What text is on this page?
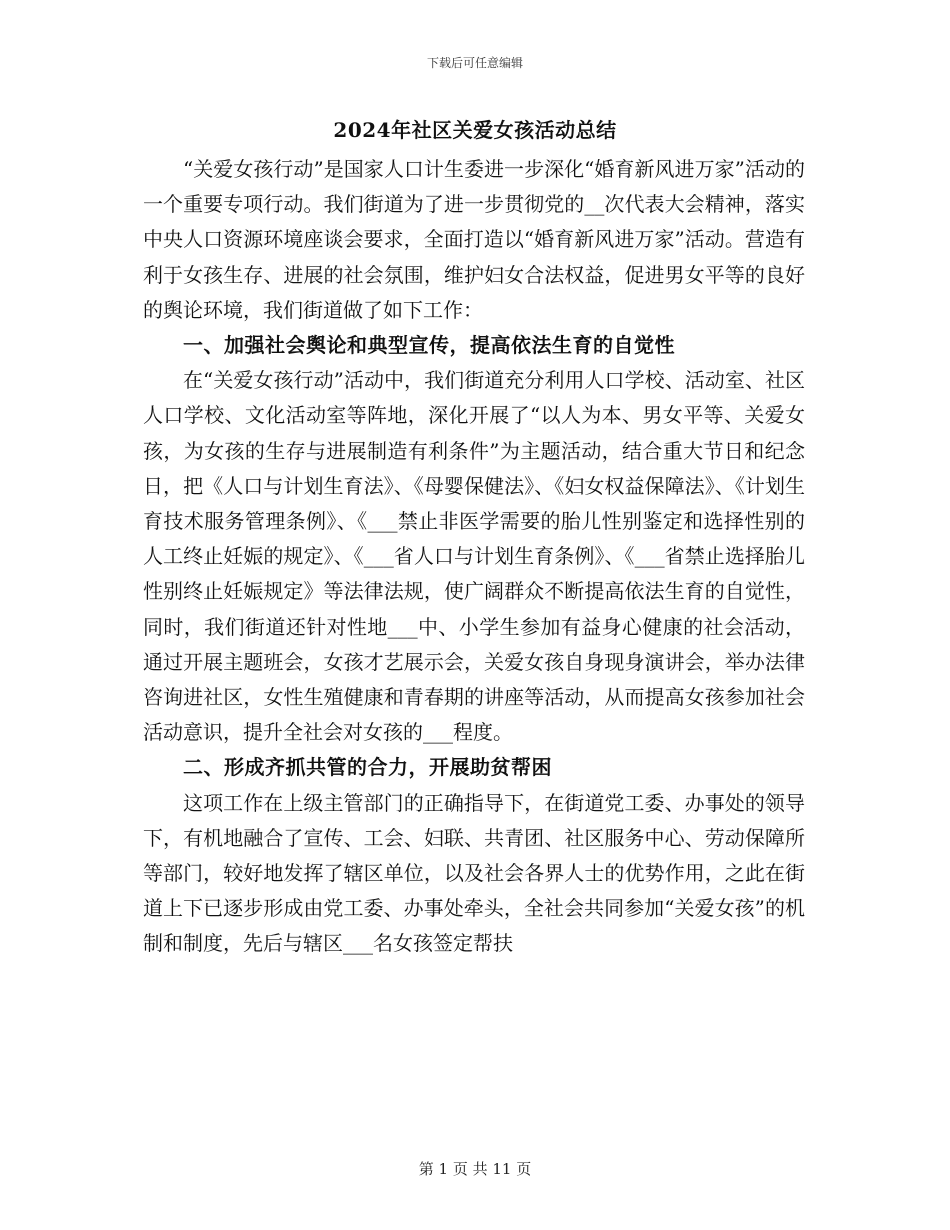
下载后可任意编辑
2024年社区关爱女孩活动总结

“关爱女孩行动”是国家人口计生委进一步深化“婚育新风进万家”活动的一个重要专项行动。我们街道为了进一步贯彻党的__次代表大会精神，落实中央人口资源环境座谈会要求，全面打造以“婚育新风进万家”活动。营造有利于女孩生存、进展的社会氛围，维护妇女合法权益，促进男女平等的良好的舆论环境，我们街道做了如下工作：

一、加强社会舆论和典型宣传，提高依法生育的自觉性

在“关爱女孩行动”活动中，我们街道充分利用人口学校、活动室、社区人口学校、文化活动室等阵地，深化开展了“以人为本、男女平等、关爱女孩，为女孩的生存与进展制造有利条件”为主题活动，结合重大节日和纪念日，把《人口与计划生育法》、《母婴保健法》、《妇女权益保障法》、《计划生育技术服务管理条例》、《___禁止非医学需要的胎儿性别鉴定和选择性别的人工终止妊娠的规定》、《___省人口与计划生育条例》、《___省禁止选择胎儿性别终止妊娠规定》等法律法规，使广阔群众不断提高依法生育的自觉性，同时，我们街道还针对性地___中、小学生参加有益身心健康的社会活动，通过开展主题班会，女孩才艺展示会，关爱女孩自身现身演讲会，举办法律咨询进社区，女性生殖健康和青春期的讲座等活动，从而提高女孩参加社会活动意识，提升全社会对女孩的___程度。

二、形成齐抓共管的合力，开展助贫帮困

这项工作在上级主管部门的正确指导下，在街道党工委、办事处的领导下，有机地融合了宣传、工会、妇联、共青团、社区服务中心、劳动保障所等部门，较好地发挥了辖区单位，以及社会各界人士的优势作用，之此在街道上下已逐步形成由党工委、办事处牵头，全社会共同参加“关爱女孩”的机制和制度，先后与辖区___名女孩签定帮扶

第 1 页 共 11 页
